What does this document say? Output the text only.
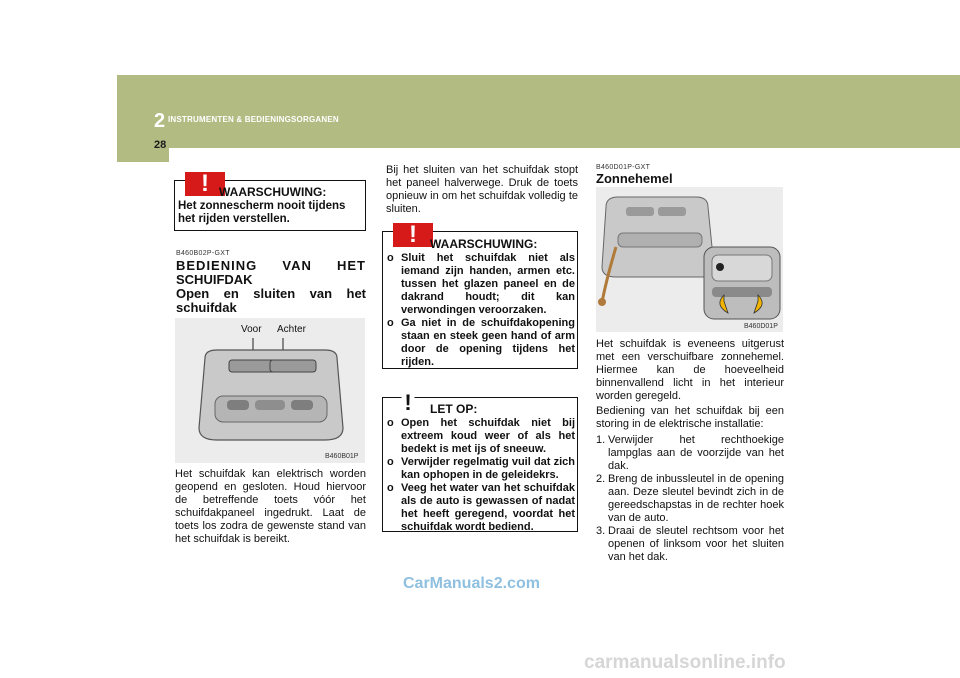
2 INSTRUMENTEN & BEDIENINGSORGANEN
28
! WAARSCHUWING:
Het zonnescherm nooit tijdens het rijden verstellen.
B460B02P-GXT
BEDIENING VAN HET
SCHUIFDAK
Open en sluiten van het
schuifdak
Voor Achter
B460B01P
Het schuifdak kan elektrisch worden geopend en gesloten. Houd hiervoor de betreffende toets vóór het schuifdakpaneel ingedrukt. Laat de toets los zodra de gewenste stand van het schuifdak is bereikt.
Bij het sluiten van het schuifdak stopt het paneel halverwege. Druk de toets opnieuw in om het schuifdak volledig te sluiten.
!	WAARSCHUWING:
o Sluit het schuifdak niet als iemand zijn handen, armen etc. tussen het glazen paneel en de dakrand houdt; dit kan verwondingen veroorzaken.
o Ga niet in de schuifdakopening staan en steek geen hand of arm door de opening tijdens het rijden.
! LET OP:
o Open het schuifdak niet bij extreem koud weer of als het bedekt is met ijs of sneeuw.
o Verwijder regelmatig vuil dat zich kan ophopen in de geleidekrs.
o Veeg het water van het schuifdak als de auto is gewassen of nadat het heeft geregend, voordat het schuifdak wordt bediend.
B460D01P-GXT
Zonnehemel
B460D01P
Het schuifdak is eveneens uitgerust met een verschuifbare zonnehemel. Hiermee kan de hoeveelheid binnenvallend licht in het interieur worden geregeld.
Bediening van het schuifdak bij een storing in de elektrische installatie:
1. Verwijder het rechthoekige lampglas aan de voorzijde van het dak.
2. Breng de inbussleutel in de opening aan. Deze sleutel bevindt zich in de gereedschapstas in de rechter hoek van de auto.
3. Draai de sleutel rechtsom voor het openen of linksom voor het sluiten van het dak.
CarManuals2.com
carmanualsonline.info
